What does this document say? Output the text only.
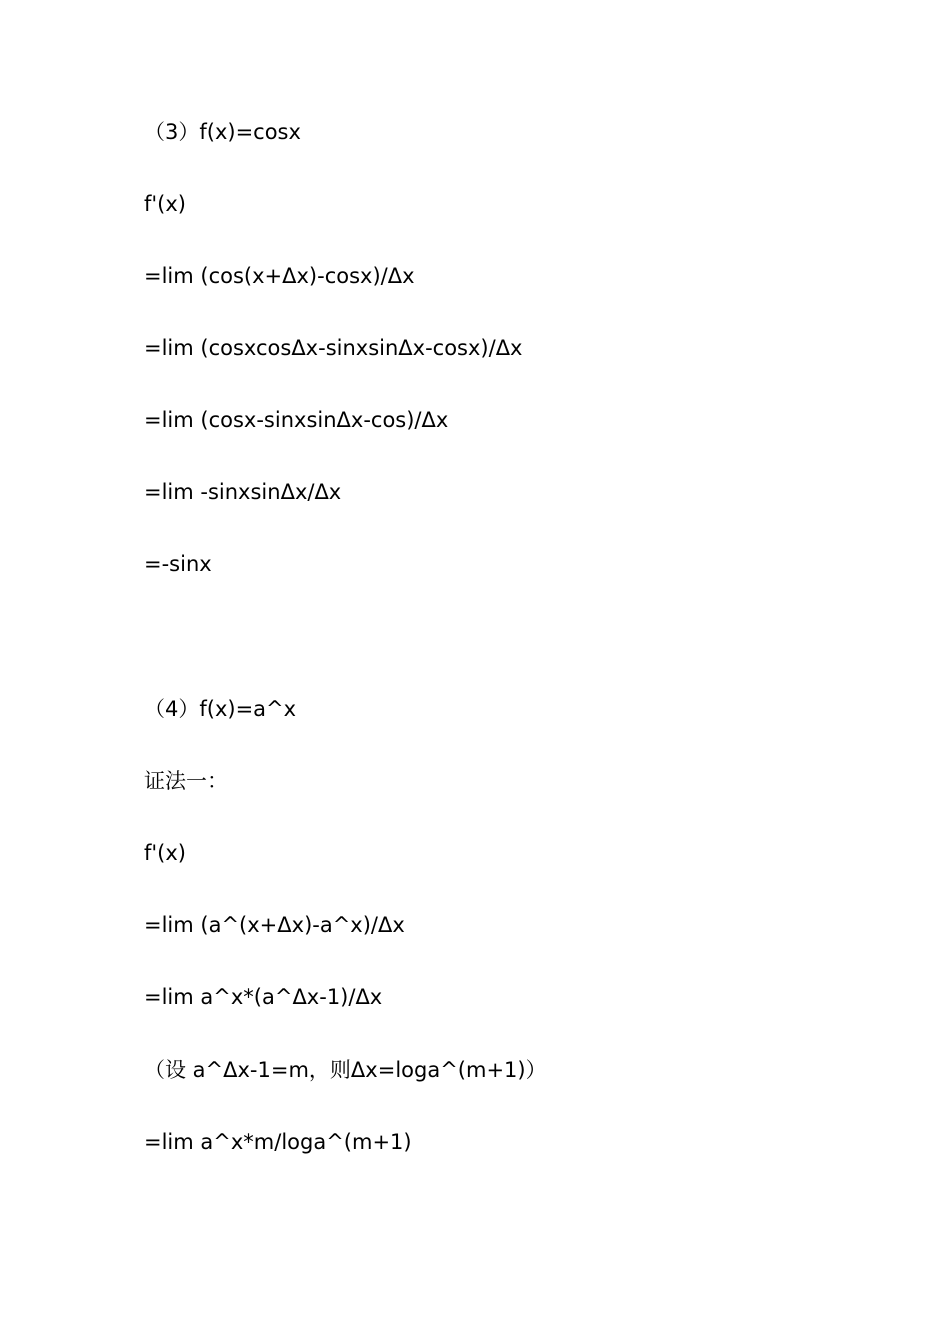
（3）f(x)=cosx
f'(x)
=lim (cos(x+Δx)-cosx)/Δx
=lim (cosxcosΔx-sinxsinΔx-cosx)/Δx
=lim (cosx-sinxsinΔx-cos)/Δx
=lim -sinxsinΔx/Δx
=-sinx
（4）f(x)=a^x
证法一：
f'(x)
=lim (a^(x+Δx)-a^x)/Δx
=lim a^x*(a^Δx-1)/Δx
（设 a^Δx-1=m，则Δx=loga^(m+1)）
=lim a^x*m/loga^(m+1)
